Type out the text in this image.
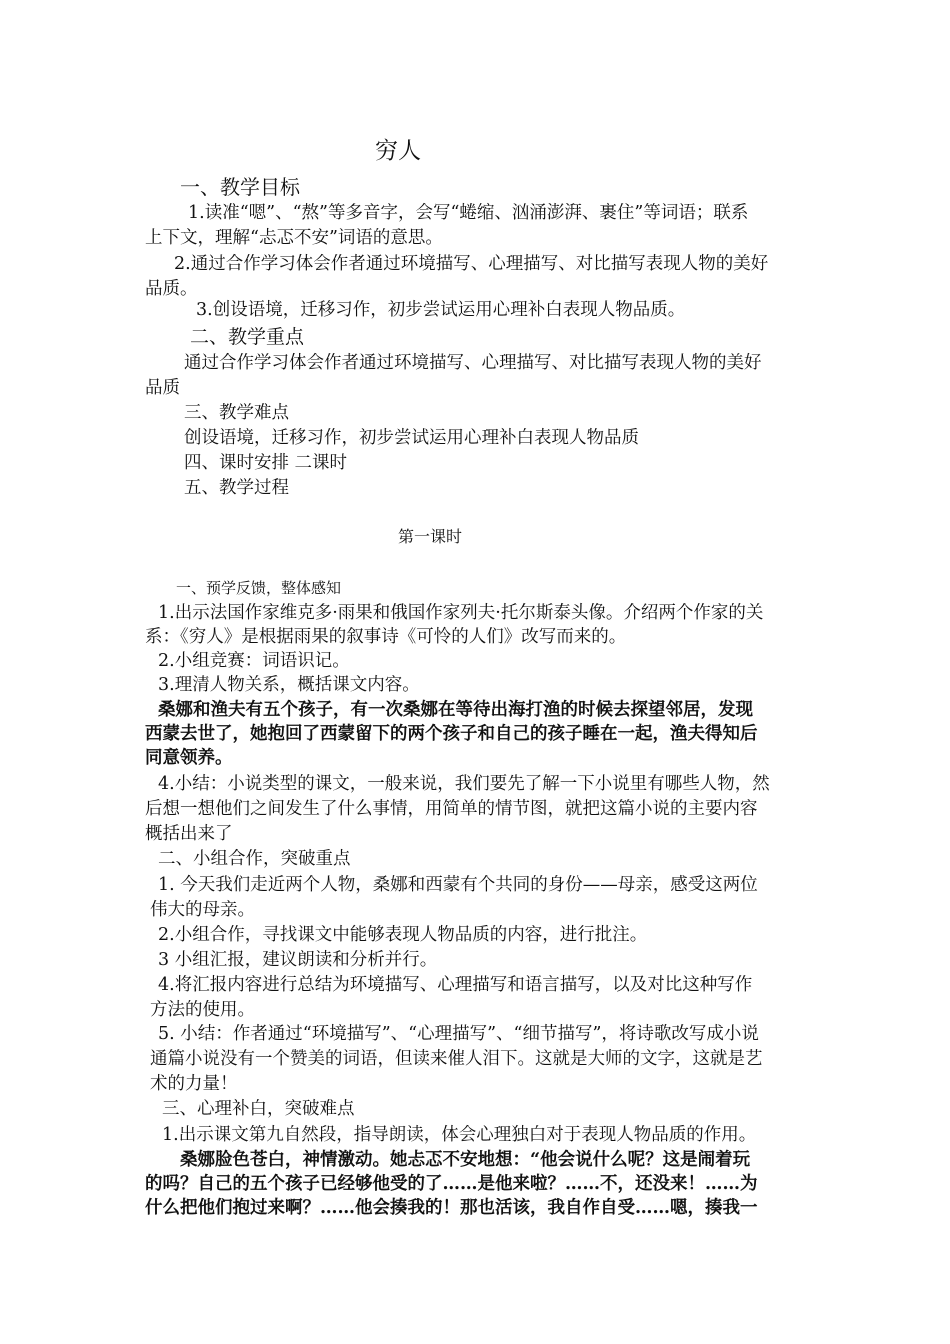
穷人
一、教学目标
1.读准“嗯”、“熬”等多音字，会写“蜷缩、汹涌澎湃、裹住”等词语；联系
上下文，理解“忐忑不安”词语的意思。
2.通过合作学习体会作者通过环境描写、心理描写、对比描写表现人物的美好
品质。
3.创设语境，迁移习作，初步尝试运用心理补白表现人物品质。
二、教学重点
通过合作学习体会作者通过环境描写、心理描写、对比描写表现人物的美好
品质
三、教学难点
创设语境，迁移习作，初步尝试运用心理补白表现人物品质
四、课时安排 二课时
五、教学过程
第一课时
一、预学反馈，整体感知
1.出示法国作家维克多·雨果和俄国作家列夫·托尔斯泰头像。介绍两个作家的关
系：《穷人》是根据雨果的叙事诗《可怜的人们》改写而来的。
2.小组竞赛：词语识记。
3.理清人物关系，概括课文内容。
桑娜和渔夫有五个孩子，有一次桑娜在等待出海打渔的时候去探望邻居，发现
西蒙去世了，她抱回了西蒙留下的两个孩子和自己的孩子睡在一起，渔夫得知后
同意领养。
4.小结：小说类型的课文，一般来说，我们要先了解一下小说里有哪些人物，然
后想一想他们之间发生了什么事情，用简单的情节图，就把这篇小说的主要内容
概括出来了
二、小组合作，突破重点
1. 今天我们走近两个人物，桑娜和西蒙有个共同的身份——母亲，感受这两位
伟大的母亲。
2.小组合作，寻找课文中能够表现人物品质的内容，进行批注。
3 小组汇报，建议朗读和分析并行。
4.将汇报内容进行总结为环境描写、心理描写和语言描写，以及对比这种写作
方法的使用。
5. 小结：作者通过“环境描写”、“心理描写”、“细节描写”，将诗歌改写成小说
通篇小说没有一个赞美的词语，但读来催人泪下。这就是大师的文字，这就是艺
术的力量！
三、心理补白，突破难点
1.出示课文第九自然段，指导朗读，体会心理独白对于表现人物品质的作用。
桑娜脸色苍白，神情激动。她忐忑不安地想：“他会说什么呢？这是闹着玩
的吗？自己的五个孩子已经够他受的了……是他来啦？……不，还没来！……为
什么把他们抱过来啊？……他会揍我的！那也活该，我自作自受……嗯，揍我一
